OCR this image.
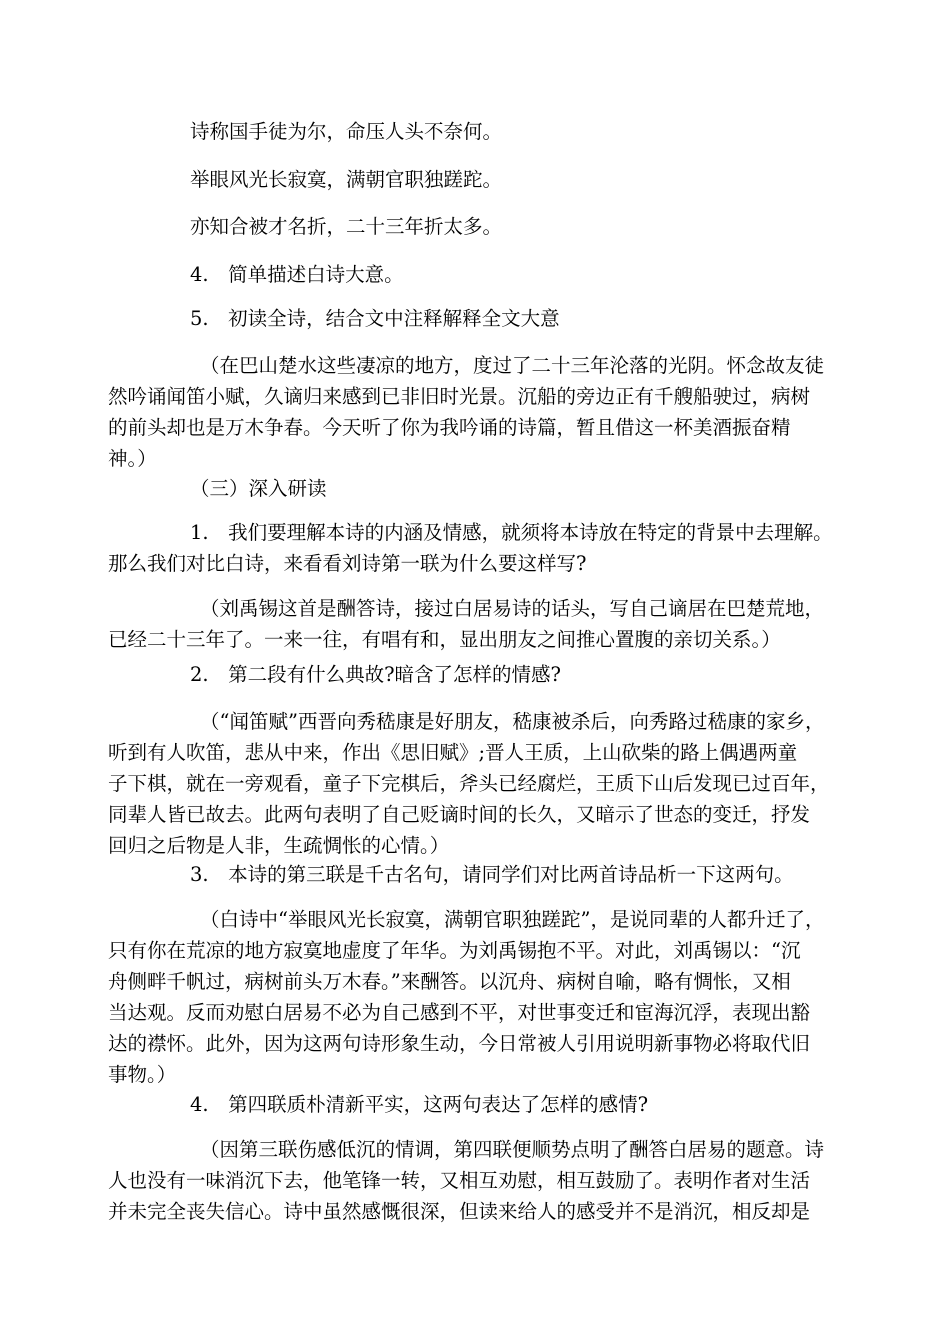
诗称国手徒为尔，命压人头不奈何。

举眼风光长寂寞，满朝官职独蹉跎。

亦知合被才名折，二十三年折太多。

4.　简单描述白诗大意。

5.　初读全诗，结合文中注释解释全文大意

（在巴山楚水这些凄凉的地方，度过了二十三年沦落的光阴。怀念故友徒
然吟诵闻笛小赋，久谪归来感到已非旧时光景。沉船的旁边正有千艘船驶过，病树
的前头却也是万木争春。今天听了你为我吟诵的诗篇，暂且借这一杯美酒振奋精
神。）

（三）深入研读

1.　我们要理解本诗的内涵及情感，就须将本诗放在特定的背景中去理解。
那么我们对比白诗，来看看刘诗第一联为什么要这样写?
（刘禹锡这首是酬答诗，接过白居易诗的话头，写自己谪居在巴楚荒地，
已经二十三年了。一来一往，有唱有和，显出朋友之间推心置腹的亲切关系。）

2.　第二段有什么典故?暗含了怎样的情感?

（“闻笛赋”西晋向秀嵇康是好朋友，嵇康被杀后，向秀路过嵇康的家乡，
听到有人吹笛，悲从中来，作出《思旧赋》;晋人王质，上山砍柴的路上偶遇两童
子下棋，就在一旁观看，童子下完棋后，斧头已经腐烂，王质下山后发现已过百年，
同辈人皆已故去。此两句表明了自己贬谪时间的长久，又暗示了世态的变迁，抒发
回归之后物是人非，生疏惆怅的心情。）

3.　本诗的第三联是千古名句，请同学们对比两首诗品析一下这两句。

（白诗中“举眼风光长寂寞，满朝官职独蹉跎”，是说同辈的人都升迁了，
只有你在荒凉的地方寂寞地虚度了年华。为刘禹锡抱不平。对此，刘禹锡以：“沉
舟侧畔千帆过，病树前头万木春。”来酬答。以沉舟、病树自喻，略有惆怅，又相
当达观。反而劝慰白居易不必为自己感到不平，对世事变迁和宦海沉浮，表现出豁
达的襟怀。此外，因为这两句诗形象生动，今日常被人引用说明新事物必将取代旧
事物。）

4.　第四联质朴清新平实，这两句表达了怎样的感情?

（因第三联伤感低沉的情调，第四联便顺势点明了酬答白居易的题意。诗
人也没有一味消沉下去，他笔锋一转，又相互劝慰，相互鼓励了。表明作者对生活
并未完全丧失信心。诗中虽然感慨很深，但读来给人的感受并不是消沉，相反却是
